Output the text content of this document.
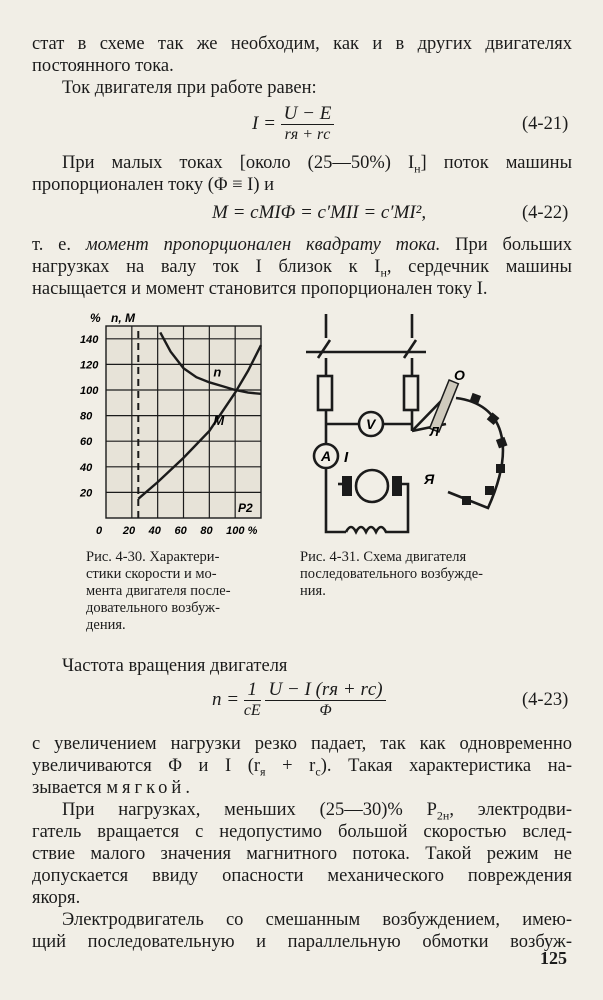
стат в схеме так же необходим, как и в других двигателях
постоянного тока.
Ток двигателя при работе равен:
$I = \frac{U - E}{rя + rс}$	(4-21)
При малых токах [около (25—50%) $I_н$] поток машины
пропорционален току (Φ ≡ I) и
M = cMIΦ = c′MII = c′MI²,	(4-22)
т. е. момент пропорционален квадрату тока. При больших
нагрузках на валу ток I близок к $I_н$, сердечник машины
насыщается и момент становится пропорционален току I.
0 20 40 60 80 100 %
20
40
60
80
100
120
140
n
M
% n, M
P2
V
A I
Л
О
Я
Рис. 4-30. Характери-
стики скорости и мо-
мента двигателя после-
довательного возбуж-
дения.
Рис. 4-31. Схема двигателя
последовательного возбужде-
ния.
Частота вращения двигателя
$n = \frac{1}{cE}$
$\frac{U - I (rя + rс)}{\Phi}$	(4-23)
с увеличением нагрузки резко падает, так как одновременно
увеличиваются Φ и I $(r_я + r_с)$. Такая характеристика на-
зывается мягкой.
При нагрузках, меньших (25—30)% $P_{2н}$, электродви-
гатель вращается с недопустимо большой скоростью вслед-
ствие малого значения магнитного потока. Такой режим не
допускается ввиду опасности механического повреждения
якоря.
Электродвигатель со смешанным возбуждением, имею-
щий последовательную и параллельную обмотки возбуж-
125
